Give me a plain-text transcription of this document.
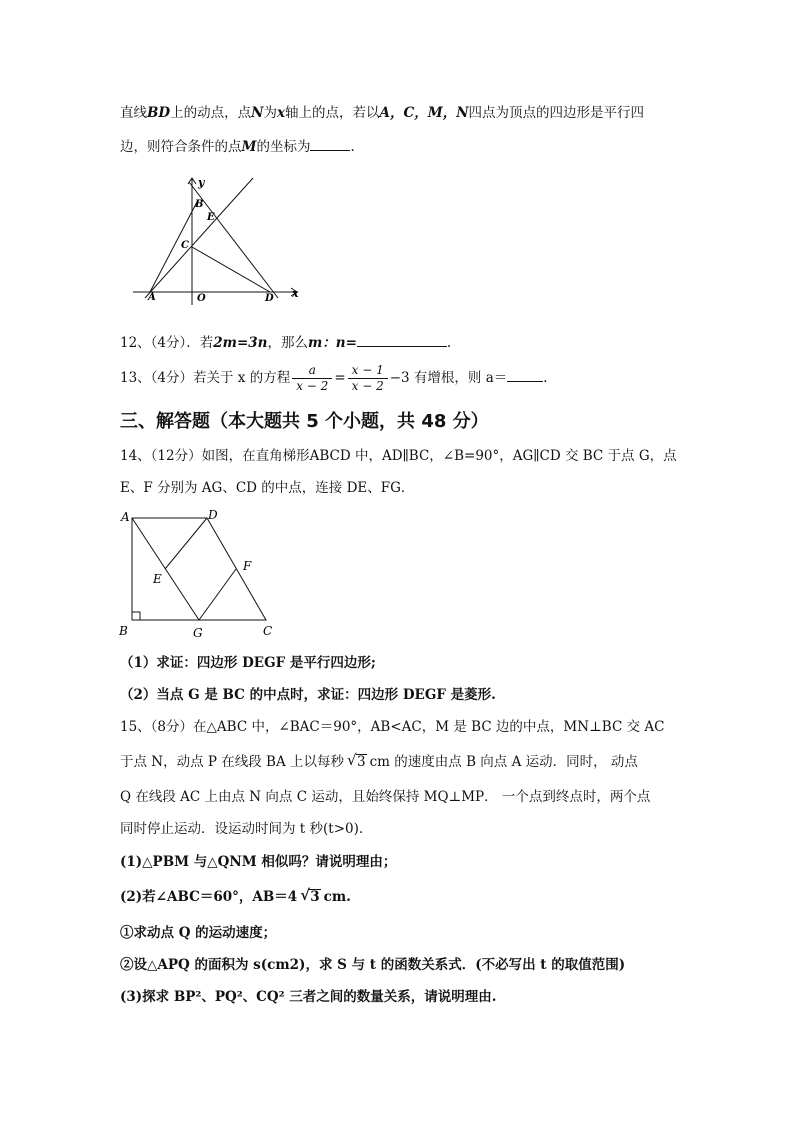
直线BD上的动点，点N为x轴上的点，若以A，C，M，N四点为顶点的四边形是平行四
边，则符合条件的点M的坐标为	.
y
x
B
E
C
A	O	D
12、（4分）．若2m=3n，那么m：n=	.
13、（4分）若关于 x 的方程 $\frac{a}{x - 2} = \frac{x - 1}{x - 2} -3$ 有增根，则 a＝	.
三、解答题（本大题共 5 个小题，共 48 分）
14、（12分）如图，在直角梯形ABCD 中，AD∥BC，∠B=90°，AG∥CD 交 BC 于点 G，点
E、F 分别为 AG、CD 的中点，连接 DE、FG．
A	D
E
F
B	G	C
（1）求证：四边形 DEGF 是平行四边形;
（2）当点 G 是 BC 的中点时，求证：四边形 DEGF 是菱形.
15、（8分）在△ABC 中，∠BAC＝90°，AB<AC，M 是 BC 边的中点，MN⊥BC 交 AC
于点 N，动点 P 在线段 BA 上以每秒 √ 3 cm 的速度由点 B 向点 A 运动．同时， 动点
Q 在线段 AC 上由点 N 向点 C 运动，且始终保持 MQ⊥MP． 一个点到终点时，两个点
同时停止运动．设运动时间为 t 秒(t>0).
(1)△PBM 与△QNM 相似吗？请说明理由；
(2)若∠ABC＝60°，AB＝4 √ 3 cm.
①求动点 Q 的运动速度；
②设△APQ 的面积为 s(cm2)，求 S 与 t 的函数关系式．(不必写出 t 的取值范围)
(3)探求 BP²、PQ²、CQ² 三者之间的数量关系，请说明理由.
